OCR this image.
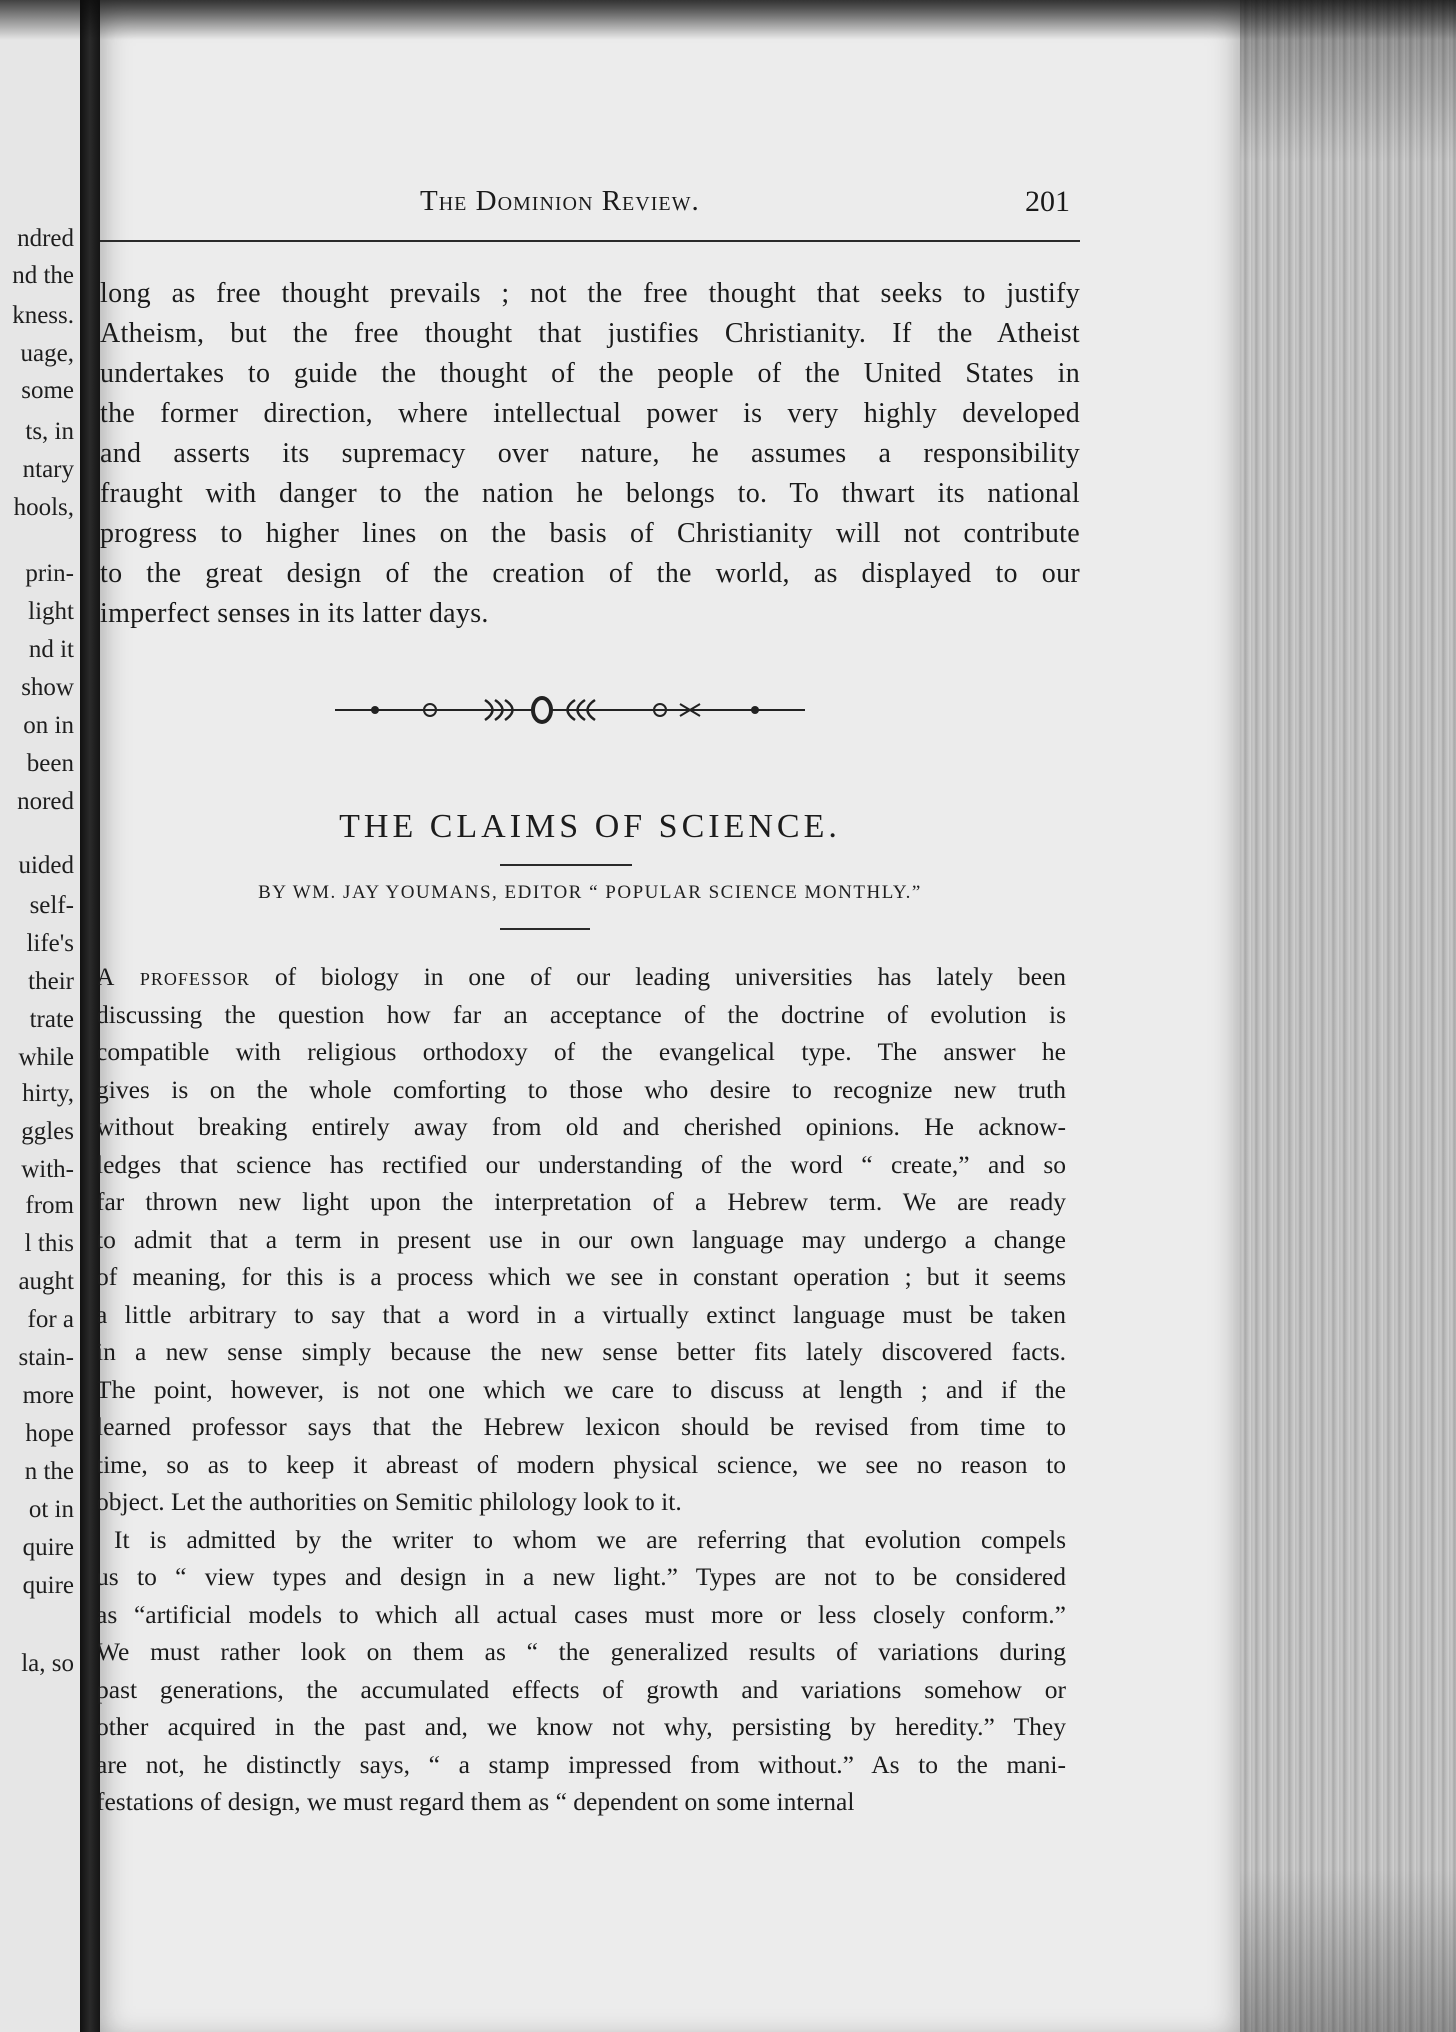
ndred
nd the
kness.
uage,
some
ts, in
ntary
hools,
prin-
light
nd it
show
on in
been
nored
uided
self-
life's
their
trate
while
hirty,
ggles
with-
from
l this
aught
for a
stain-
more
hope
n the
ot in
quire
quire
la, so
The Dominion Review.	201
long as free thought prevails ; not the free thought that seeks to justify
Atheism, but the free thought that justifies Christianity. If the Atheist
undertakes to guide the thought of the people of the United States in
the former direction, where intellectual power is very highly developed
and asserts its supremacy over nature, he assumes a responsibility
fraught with danger to the nation he belongs to. To thwart its national
progress to higher lines on the basis of Christianity will not contribute
to the great design of the creation of the world, as displayed to our
imperfect senses in its latter days.
THE CLAIMS OF SCIENCE.
BY WM. JAY YOUMANS, EDITOR “ POPULAR SCIENCE MONTHLY.”
A professor of biology in one of our leading universities has lately been
discussing the question how far an acceptance of the doctrine of evolution is
compatible with religious orthodoxy of the evangelical type. The answer he
gives is on the whole comforting to those who desire to recognize new truth
without breaking entirely away from old and cherished opinions. He acknow-
ledges that science has rectified our understanding of the word “ create,” and so
far thrown new light upon the interpretation of a Hebrew term. We are ready
to admit that a term in present use in our own language may undergo a change
of meaning, for this is a process which we see in constant operation ; but it seems
a little arbitrary to say that a word in a virtually extinct language must be taken
in a new sense simply because the new sense better fits lately discovered facts.
The point, however, is not one which we care to discuss at length ; and if the
learned professor says that the Hebrew lexicon should be revised from time to
time, so as to keep it abreast of modern physical science, we see no reason to
object. Let the authorities on Semitic philology look to it.
It is admitted by the writer to whom we are referring that evolution compels
us to “ view types and design in a new light.” Types are not to be considered
as “artificial models to which all actual cases must more or less closely conform.”
We must rather look on them as “ the generalized results of variations during
past generations, the accumulated effects of growth and variations somehow or
other acquired in the past and, we know not why, persisting by heredity.” They
are not, he distinctly says, “ a stamp impressed from without.” As to the mani-
festations of design, we must regard them as “ dependent on some internal
